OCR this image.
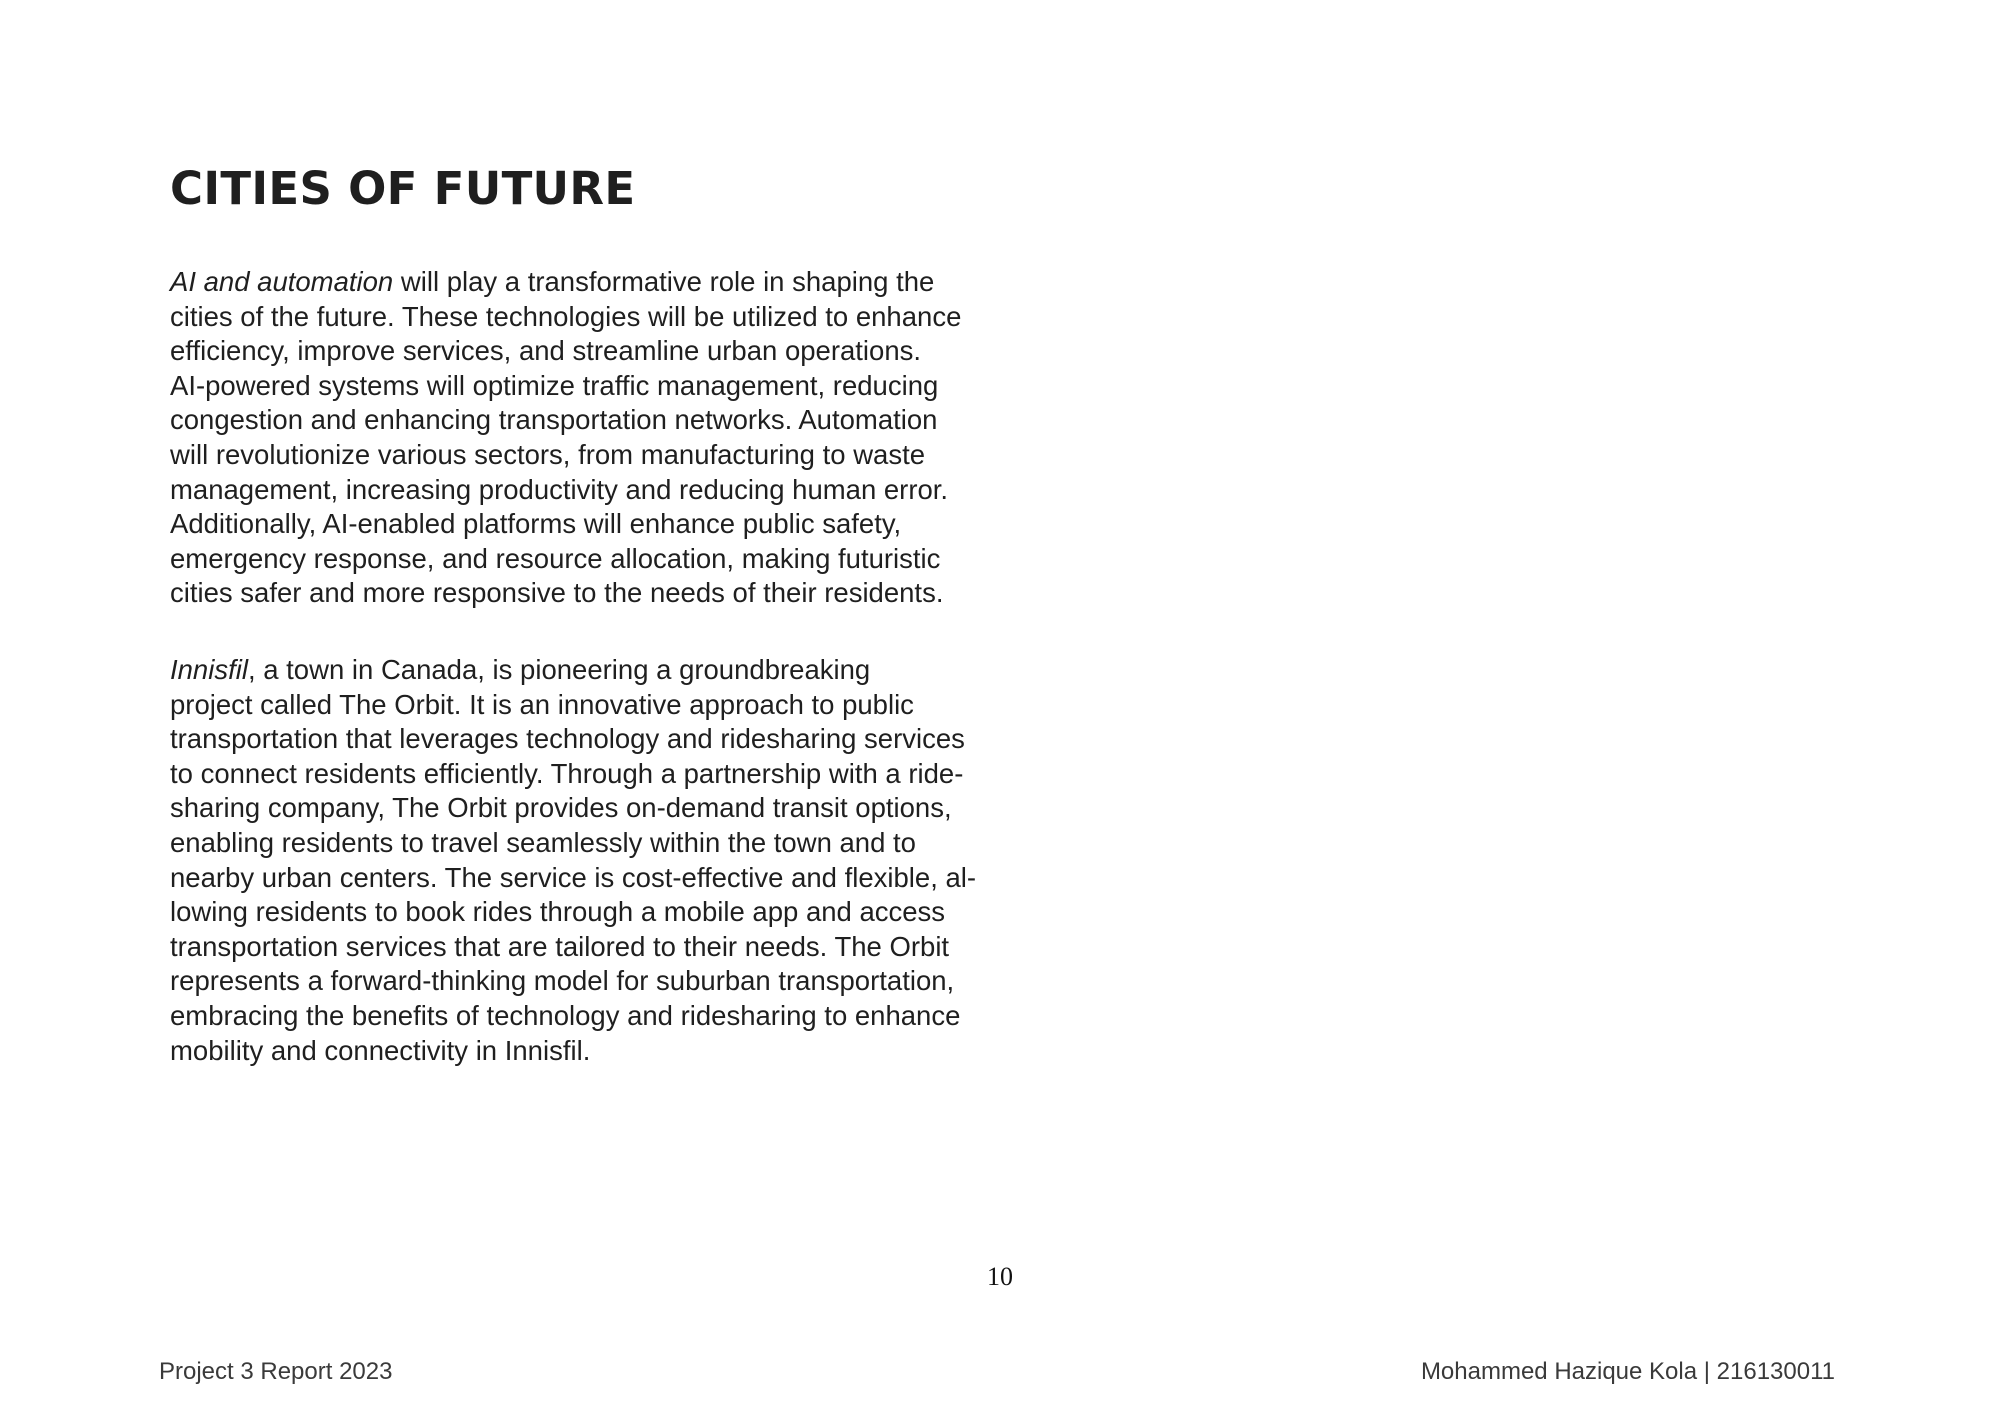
CITIES OF FUTURE

AI and automation will play a transformative role in shaping the
cities of the future. These technologies will be utilized to enhance
efficiency, improve services, and streamline urban operations.
AI-powered systems will optimize traffic management, reducing
congestion and enhancing transportation networks. Automation
will revolutionize various sectors, from manufacturing to waste
management, increasing productivity and reducing human error.
Additionally, AI-enabled platforms will enhance public safety,
emergency response, and resource allocation, making futuristic
cities safer and more responsive to the needs of their residents.

Innisfil, a town in Canada, is pioneering a groundbreaking
project called The Orbit. It is an innovative approach to public
transportation that leverages technology and ridesharing services
to connect residents efficiently. Through a partnership with a ride-
sharing company, The Orbit provides on-demand transit options,
enabling residents to travel seamlessly within the town and to
nearby urban centers. The service is cost-effective and flexible, al-
lowing residents to book rides through a mobile app and access
transportation services that are tailored to their needs. The Orbit
represents a forward-thinking model for suburban transportation,
embracing the benefits of technology and ridesharing to enhance
mobility and connectivity in Innisfil.

10
Project 3 Report 2023	Mohammed Hazique Kola | 216130011
